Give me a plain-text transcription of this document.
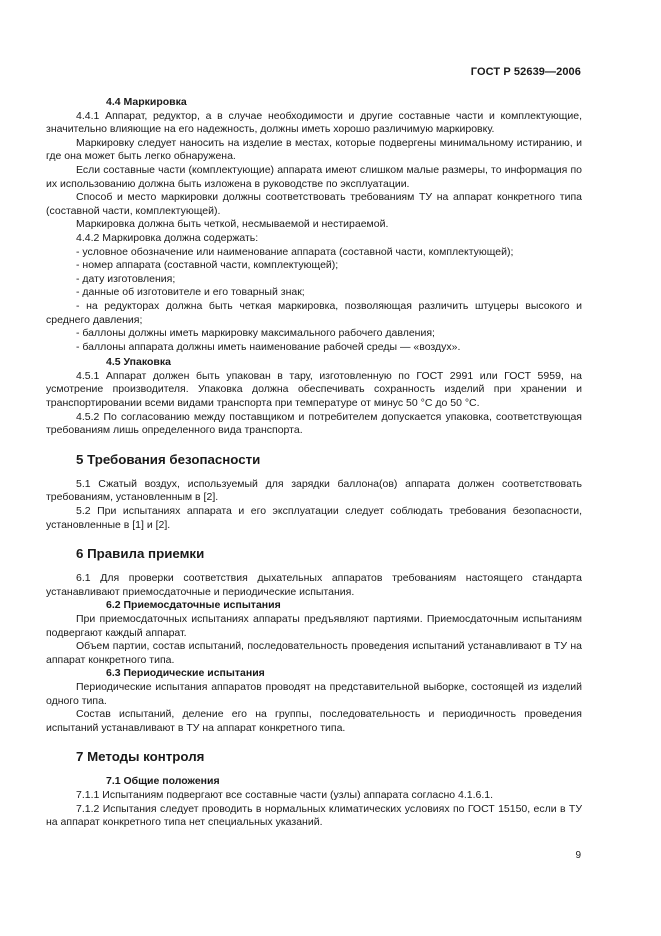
ГОСТ Р 52639—2006

4.4 Маркировка

4.4.1 Аппарат, редуктор, а в случае необходимости и другие составные части и комплектующие, значительно влияющие на его надежность, должны иметь хорошо различимую маркировку.

Маркировку следует наносить на изделие в местах, которые подвергены минимальному истиранию, и где она может быть легко обнаружена.

Если составные части (комплектующие) аппарата имеют слишком малые размеры, то информация по их использованию должна быть изложена в руководстве по эксплуатации.

Способ и место маркировки должны соответствовать требованиям ТУ на аппарат конкретного типа (составной части, комплектующей).

Маркировка должна быть четкой, несмываемой и нестираемой.

4.4.2 Маркировка должна содержать:

- условное обозначение или наименование аппарата (составной части, комплектующей);

- номер аппарата (составной части, комплектующей);

- дату изготовления;

- данные об изготовителе и его товарный знак;

- на редукторах должна быть четкая маркировка, позволяющая различить штуцеры высокого и среднего давления;

- баллоны должны иметь маркировку максимального рабочего давления;

- баллоны аппарата должны иметь наименование рабочей среды — «воздух».

4.5 Упаковка

4.5.1 Аппарат должен быть упакован в тару, изготовленную по ГОСТ 2991 или ГОСТ 5959, на усмотрение производителя. Упаковка должна обеспечивать сохранность изделий при хранении и транспортировании всеми видами транспорта при температуре от минус 50 °С до 50 °С.

4.5.2 По согласованию между поставщиком и потребителем допускается упаковка, соответствующая требованиям лишь определенного вида транспорта.

5 Требования безопасности

5.1 Сжатый воздух, используемый для зарядки баллона(ов) аппарата должен соответствовать требованиям, установленным в [2].

5.2 При испытаниях аппарата и его эксплуатации следует соблюдать требования безопасности, установленные в [1] и [2].

6 Правила приемки

6.1 Для проверки соответствия дыхательных аппаратов требованиям настоящего стандарта устанавливают приемосдаточные и периодические испытания.

6.2 Приемосдаточные испытания

При приемосдаточных испытаниях аппараты предъявляют партиями. Приемосдаточным испытаниям подвергают каждый аппарат.

Объем партии, состав испытаний, последовательность проведения испытаний устанавливают в ТУ на аппарат конкретного типа.

6.3 Периодические испытания

Периодические испытания аппаратов проводят на представительной выборке, состоящей из изделий одного типа.

Состав испытаний, деление его на группы, последовательность и периодичность проведения испытаний устанавливают в ТУ на аппарат конкретного типа.

7 Методы контроля

7.1 Общие положения

7.1.1 Испытаниям подвергают все составные части (узлы) аппарата согласно 4.1.6.1.

7.1.2 Испытания следует проводить в нормальных климатических условиях по ГОСТ 15150, если в ТУ на аппарат конкретного типа нет специальных указаний.

9
